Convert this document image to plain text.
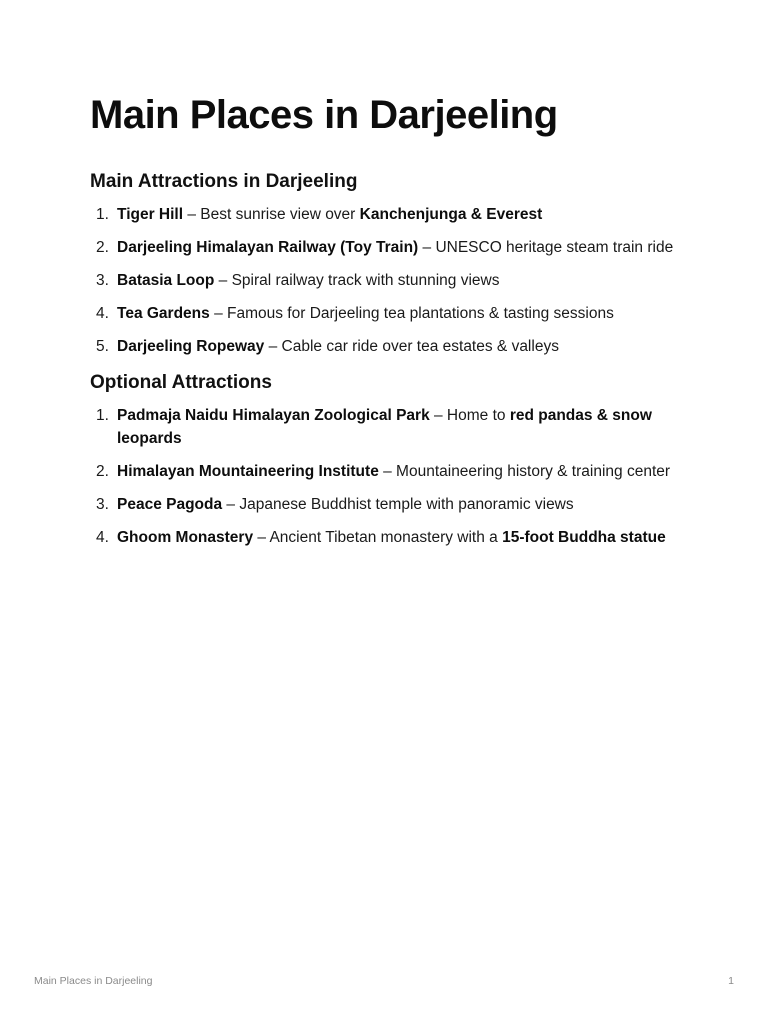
Main Places in Darjeeling
Main Attractions in Darjeeling
1. Tiger Hill – Best sunrise view over Kanchenjunga & Everest
2. Darjeeling Himalayan Railway (Toy Train) – UNESCO heritage steam train ride
3. Batasia Loop – Spiral railway track with stunning views
4. Tea Gardens – Famous for Darjeeling tea plantations & tasting sessions
5. Darjeeling Ropeway – Cable car ride over tea estates & valleys
Optional Attractions
1. Padmaja Naidu Himalayan Zoological Park – Home to red pandas & snow leopards
2. Himalayan Mountaineering Institute – Mountaineering history & training center
3. Peace Pagoda – Japanese Buddhist temple with panoramic views
4. Ghoom Monastery – Ancient Tibetan monastery with a 15-foot Buddha statue
Main Places in Darjeeling	1
